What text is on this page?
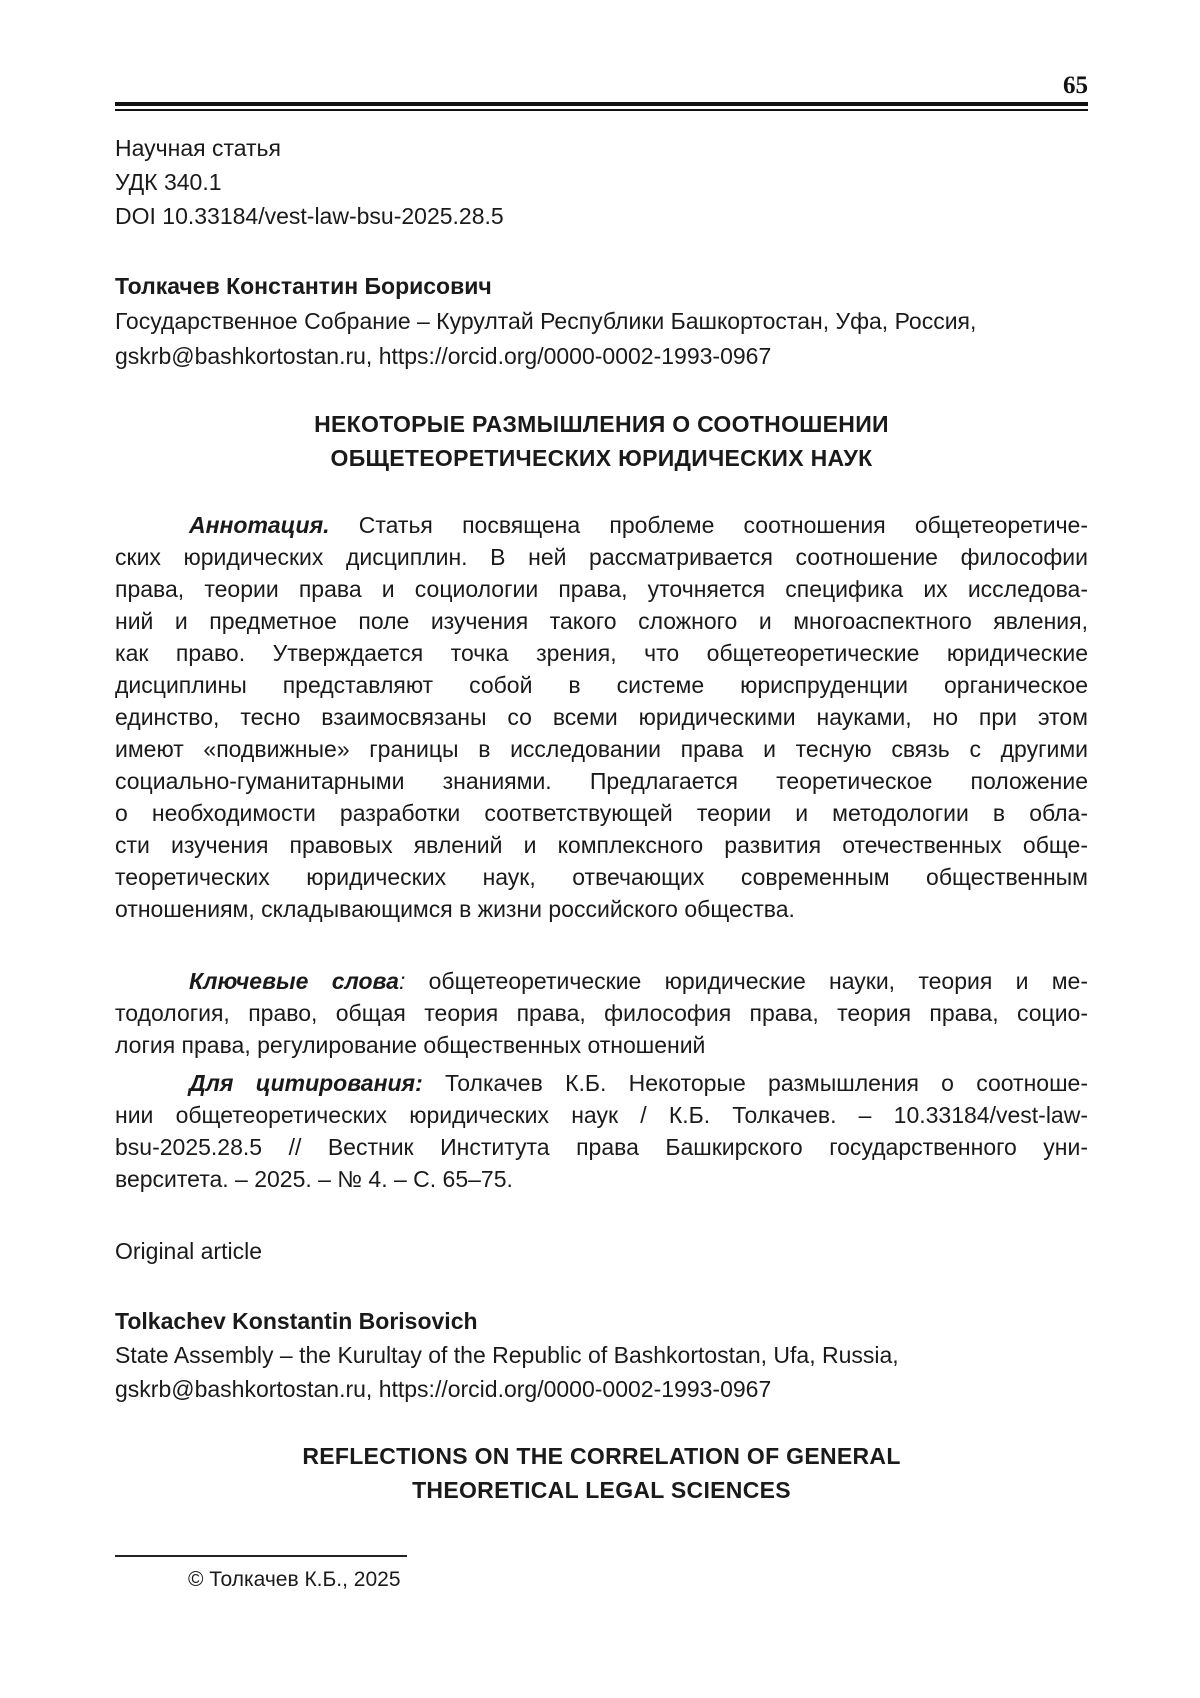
65
Научная статья
УДК 340.1
DOI 10.33184/vest-law-bsu-2025.28.5
Толкачев Константин Борисович
Государственное Собрание – Курултай Республики Башкортостан, Уфа, Россия,
gskrb@bashkortostan.ru, https://orcid.org/0000-0002-1993-0967
НЕКОТОРЫЕ РАЗМЫШЛЕНИЯ О СООТНОШЕНИИ
ОБЩЕТЕОРЕТИЧЕСКИХ ЮРИДИЧЕСКИХ НАУК
Аннотация. Статья посвящена проблеме соотношения общетеоретиче-
ских юридических дисциплин. В ней рассматривается соотношение философии
права, теории права и социологии права, уточняется специфика их исследова-
ний и предметное поле изучения такого сложного и многоаспектного явления,
как право. Утверждается точка зрения, что общетеоретические юридические
дисциплины представляют собой в системе юриспруденции органическое
единство, тесно взаимосвязаны со всеми юридическими науками, но при этом
имеют «подвижные» границы в исследовании права и тесную связь с другими
социально-гуманитарными знаниями. Предлагается теоретическое положение
о необходимости разработки соответствующей теории и методологии в обла-
сти изучения правовых явлений и комплексного развития отечественных обще-
теоретических юридических наук, отвечающих современным общественным
отношениям, складывающимся в жизни российского общества.
Ключевые слова: общетеоретические юридические науки, теория и ме-
тодология, право, общая теория права, философия права, теория права, социо-
логия права, регулирование общественных отношений
Для цитирования: Толкачев К.Б. Некоторые размышления о соотноше-
нии общетеоретических юридических наук / К.Б. Толкачев. – 10.33184/vest-law-
bsu-2025.28.5 // Вестник Института права Башкирского государственного уни-
верситета. – 2025. – № 4. – С. 65–75.
Original article
Tolkachev Konstantin Borisovich
State Assembly – the Kurultay of the Republic of Bashkortostan, Ufa, Russia,
gskrb@bashkortostan.ru, https://orcid.org/0000-0002-1993-0967
REFLECTIONS ON THE CORRELATION OF GENERAL
THEORETICAL LEGAL SCIENCES
© Толкачев К.Б., 2025
